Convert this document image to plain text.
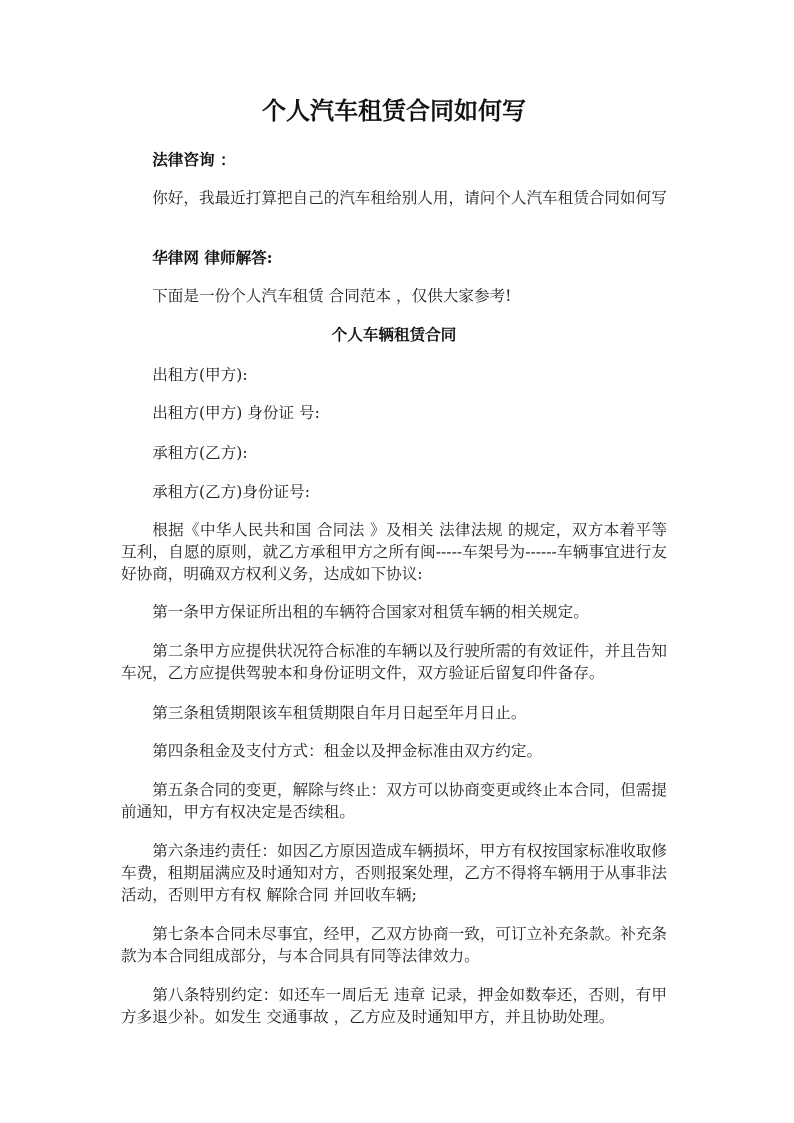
个人汽车租赁合同如何写

法律咨询 ：

你好，我最近打算把自己的汽车租给别人用，请问个人汽车租赁合同如何写

华律网 律师解答:

下面是一份个人汽车租赁 合同范本 ，仅供大家参考!

个人车辆租赁合同

出租方(甲方):

出租方(甲方) 身份证 号:

承租方(乙方):

承租方(乙方)身份证号:

根据《中华人民共和国 合同法 》及相关 法律法规 的规定，双方本着平等互利，自愿的原则，就乙方承租甲方之所有闽-----车架号为------车辆事宜进行友好协商，明确双方权利义务，达成如下协议:

第一条甲方保证所出租的车辆符合国家对租赁车辆的相关规定。

第二条甲方应提供状况符合标准的车辆以及行驶所需的有效证件，并且告知车况，乙方应提供驾驶本和身份证明文件，双方验证后留复印件备存。

第三条租赁期限该车租赁期限自年月日起至年月日止。

第四条租金及支付方式：租金以及押金标准由双方约定。

第五条合同的变更，解除与终止：双方可以协商变更或终止本合同，但需提前通知，甲方有权决定是否续租。

第六条违约责任：如因乙方原因造成车辆损坏，甲方有权按国家标准收取修车费，租期届满应及时通知对方，否则报案处理，乙方不得将车辆用于从事非法活动，否则甲方有权 解除合同 并回收车辆;

第七条本合同未尽事宜，经甲，乙双方协商一致，可订立补充条款。补充条款为本合同组成部分，与本合同具有同等法律效力。

第八条特别约定：如还车一周后无 违章 记录，押金如数奉还，否则，有甲方多退少补。如发生 交通事故 ，乙方应及时通知甲方，并且协助处理。
